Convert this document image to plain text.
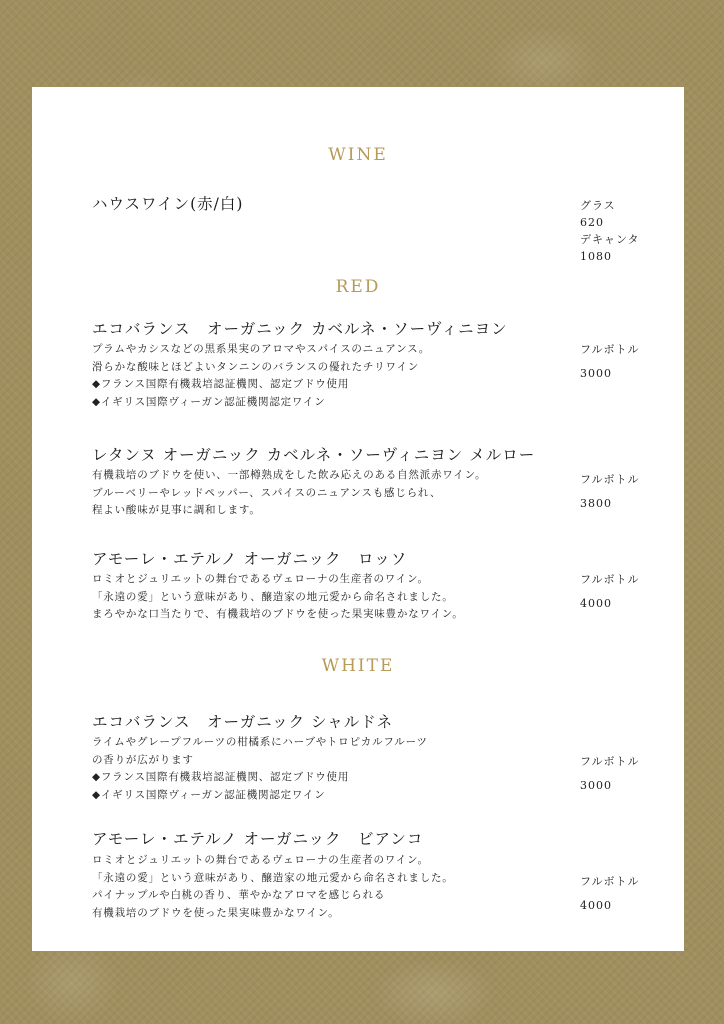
WINE
ハウスワイン(赤/白)	グラス
620
デキャンタ
1080
RED
エコバランス　オーガニック カベルネ・ソーヴィニヨン
プラムやカシスなどの黒系果実のアロマやスパイスのニュアンス。
滑らかな酸味とほどよいタンニンのバランスの優れたチリワイン
◆フランス国際有機栽培認証機関、認定ブドウ使用
◆イギリス国際ヴィーガン認証機関認定ワイン
フルボトル
3000
レタンヌ オーガニック カベルネ・ソーヴィニヨン メルロー
有機栽培のブドウを使い、一部樽熟成をした飲み応えのある自然派赤ワイン。
ブルーベリーやレッドペッパー、スパイスのニュアンスも感じられ、
程よい酸味が見事に調和します。
フルボトル
3800
アモーレ・エテルノ オーガニック　ロッソ
ロミオとジュリエットの舞台であるヴェローナの生産者のワイン。
「永遠の愛」という意味があり、醸造家の地元愛から命名されました。
まろやかな口当たりで、有機栽培のブドウを使った果実味豊かなワイン。
フルボトル
4000
WHITE
エコバランス　オーガニック シャルドネ
ライムやグレープフルーツの柑橘系にハーブやトロピカルフルーツ
の香りが広がります
◆フランス国際有機栽培認証機関、認定ブドウ使用
◆イギリス国際ヴィーガン認証機関認定ワイン
フルボトル
3000
アモーレ・エテルノ オーガニック　ビアンコ
ロミオとジュリエットの舞台であるヴェローナの生産者のワイン。
「永遠の愛」という意味があり、醸造家の地元愛から命名されました。
パイナップルや白桃の香り、華やかなアロマを感じられる
有機栽培のブドウを使った果実味豊かなワイン。
フルボトル
4000
